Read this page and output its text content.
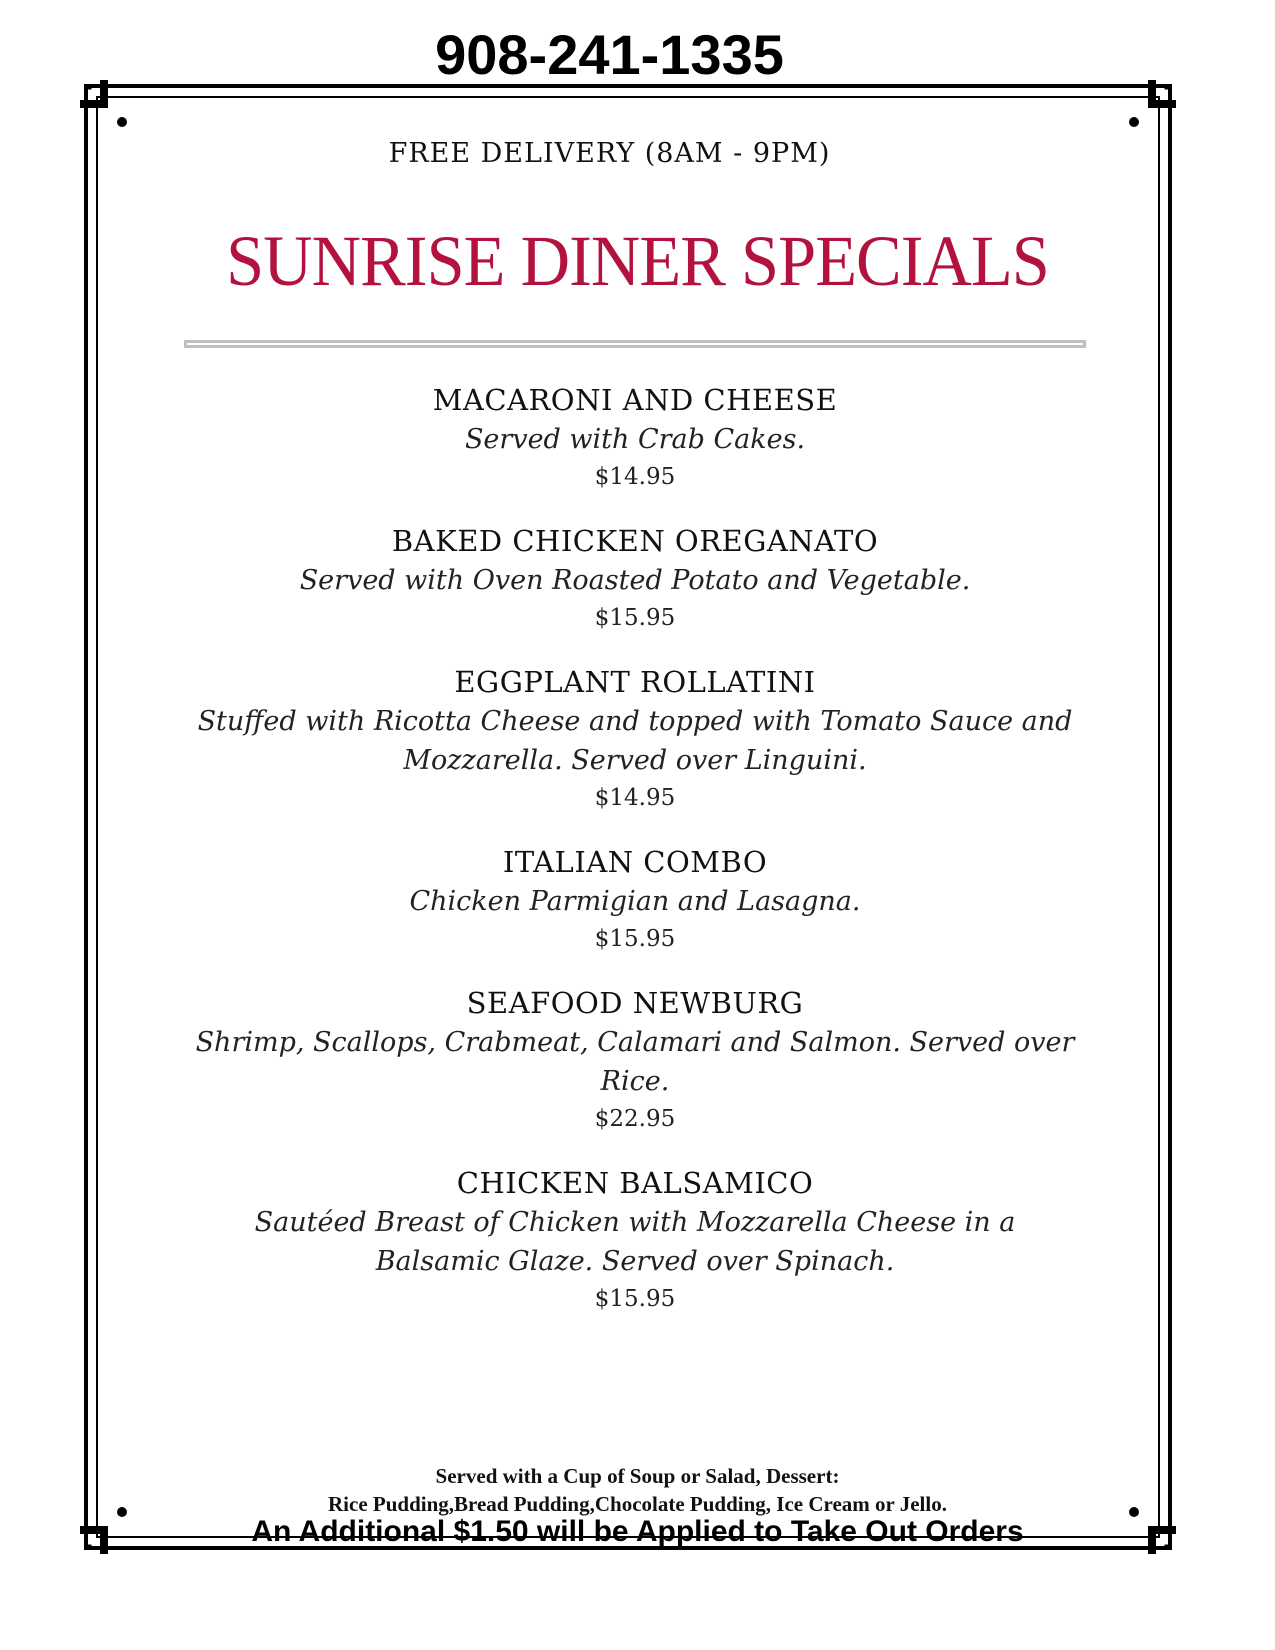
908-241-1335
FREE DELIVERY (8AM - 9PM)
SUNRISE DINER SPECIALS
MACARONI AND CHEESE
Served with Crab Cakes.
$14.95
BAKED CHICKEN OREGANATO
Served with Oven Roasted Potato and Vegetable.
$15.95
EGGPLANT ROLLATINI
Stuffed with Ricotta Cheese and topped with Tomato Sauce and Mozzarella. Served over Linguini.
$14.95
ITALIAN COMBO
Chicken Parmigian and Lasagna.
$15.95
SEAFOOD NEWBURG
Shrimp, Scallops, Crabmeat, Calamari and Salmon. Served over Rice.
$22.95
CHICKEN BALSAMICO
Sautéed Breast of Chicken with Mozzarella Cheese in a Balsamic Glaze. Served over Spinach.
$15.95
Served with a Cup of Soup or Salad, Dessert:
Rice Pudding,Bread Pudding,Chocolate Pudding, Ice Cream or Jello.
An Additional $1.50 will be Applied to Take Out Orders
